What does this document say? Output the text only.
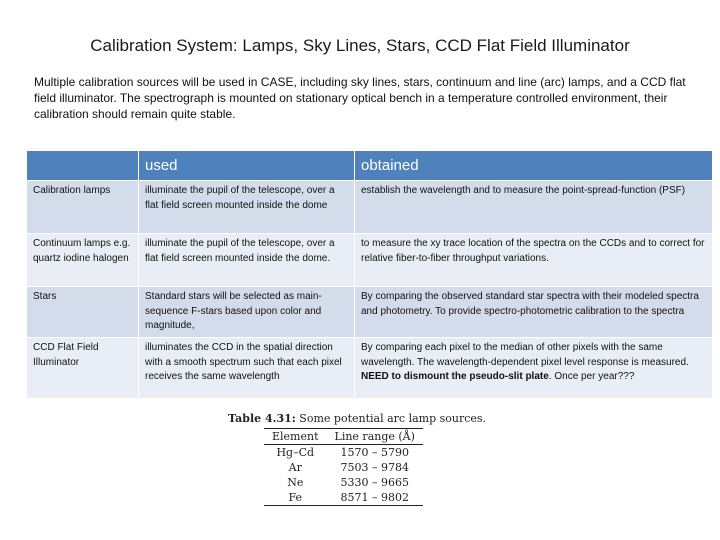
Calibration System: Lamps, Sky Lines, Stars, CCD Flat Field Illuminator
Multiple calibration sources will be used in CASE, including sky lines, stars, continuum and line (arc) lamps, and a CCD flat field illuminator. The spectrograph is mounted on stationary optical bench in a temperature controlled environment, their calibration should remain quite stable.
	used	obtained
Calibration lamps	illuminate the pupil of the telescope, over a flat field screen mounted inside the dome	establish the wavelength and to measure the point-spread-function (PSF)
Continuum lamps e.g. quartz iodine halogen	illuminate the pupil of the telescope, over a flat field screen mounted inside the dome.	to measure the xy trace location of the spectra on the CCDs and to correct for relative fiber-to-fiber throughput variations.
Stars	Standard stars will be selected as main-sequence F-stars based upon color and magnitude,	By comparing the observed standard star spectra with their modeled spectra and photometry. To provide spectro-photometric calibration to the spectra
CCD Flat Field Illuminator	illuminates the CCD in the spatial direction with a smooth spectrum such that each pixel receives the same wavelength	By comparing each pixel to the median of other pixels with the same wavelength. The wavelength-dependent pixel level response is measured. NEED to dismount the pseudo-slit plate. Once per year???
Table 4.31: Some potential arc lamp sources.
Element	Line range (Å)
Hg–Cd	1570 – 5790
Ar	7503 – 9784
Ne	5330 – 9665
Fe	8571 – 9802
